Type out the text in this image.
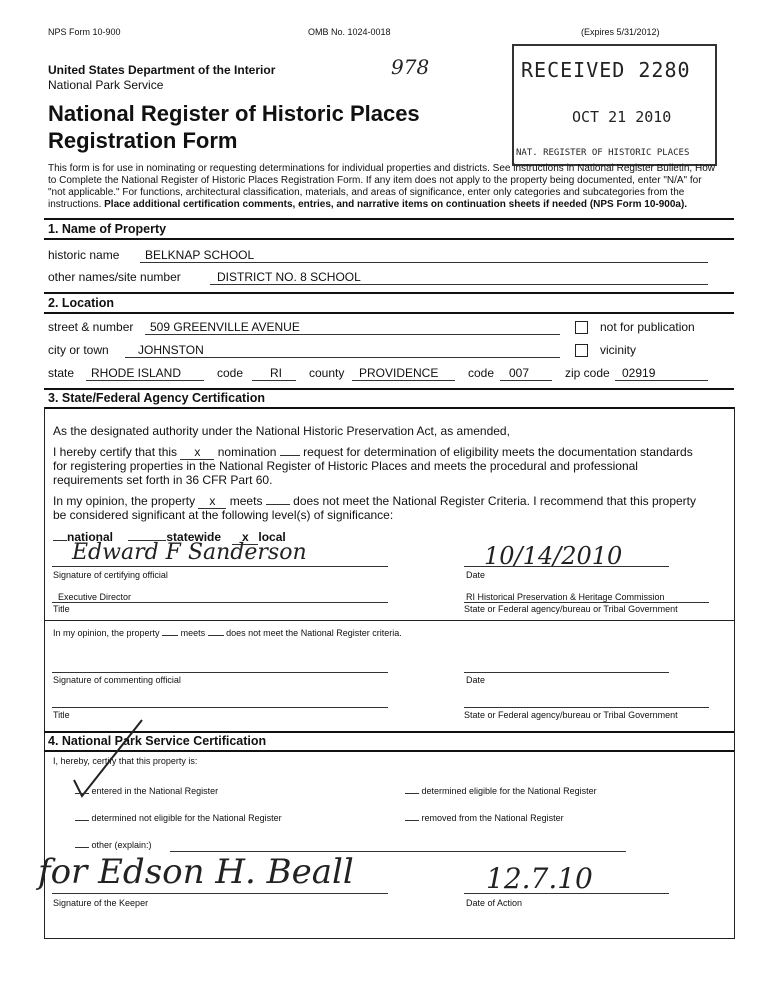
NPS Form 10-900	OMB No. 1024-0018	(Expires 5/31/2012)
United States Department of the Interior
National Park Service
978
National Register of Historic Places
Registration Form
RECEIVED 2280
OCT 21 2010
NAT. REGISTER OF HISTORIC PLACES
This form is for use in nominating or requesting determinations for individual properties and districts. See instructions in National Register Bulletin, How
to Complete the National Register of Historic Places Registration Form. If any item does not apply to the property being documented, enter "N/A" for
"not applicable." For functions, architectural classification, materials, and areas of significance, enter only categories and subcategories from the
instructions. Place additional certification comments, entries, and narrative items on continuation sheets if needed (NPS Form 10-900a).
1. Name of Property
historic name BELKNAP SCHOOL
other names/site number	DISTRICT NO. 8 SCHOOL
2. Location
street & number 509 GREENVILLE AVENUE	not for publication
city or town JOHNSTON	vicinity
state RHODE ISLAND	code RI county PROVIDENCE code 007	zip code 02919
3. State/Federal Agency Certification
As the designated authority under the National Historic Preservation Act, as amended,
I hereby certify that this x nomination request for determination of eligibility meets the documentation standards
for registering properties in the National Register of Historic Places and meets the procedural and professional
requirements set forth in 36 CFR Part 60.
In my opinion, the property x meets	does not meet the National Register Criteria. I recommend that this property
be considered significant at the following level(s) of significance:
national	statewide x local
Edward F Sanderson
Signature of certifying official
10/14/2010
Date
Executive Director
Title
RI Historical Preservation & Heritage Commission
State or Federal agency/bureau or Tribal Government
In my opinion, the property meets does not meet the National Register criteria.
Signature of commenting official	Date
Title	State or Federal agency/bureau or Tribal Government
4. National Park Service Certification
I, hereby, certify that this property is:
entered in the National Register	determined eligible for the National Register
determined not eligible for the National Register	removed from the National Register
other (explain:)
for Edson H. Beall
Signature of the Keeper
12.7.10
Date of Action
